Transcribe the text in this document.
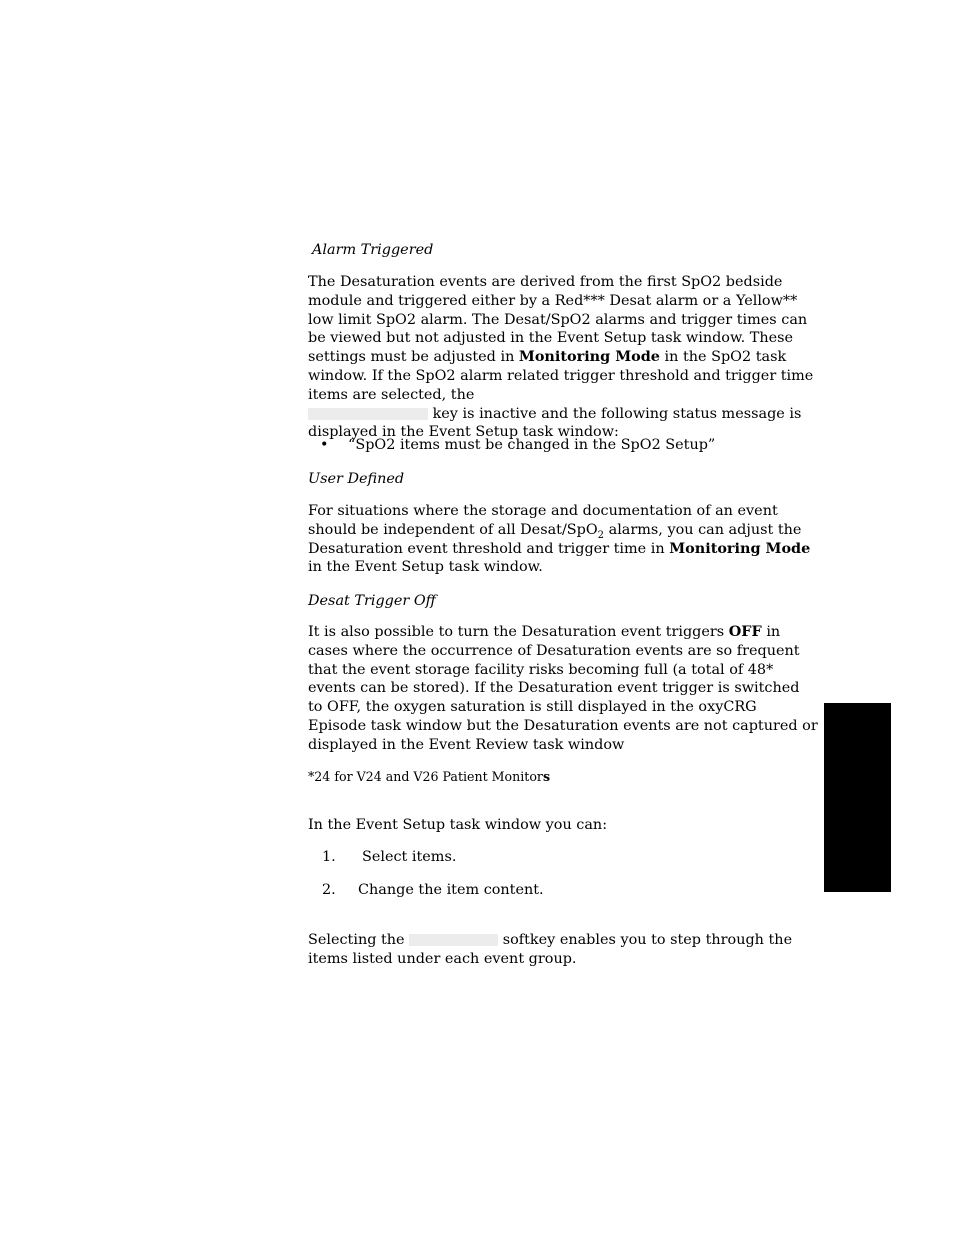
Alarm Triggered

The Desaturation events are derived from the first SpO2 bedside module and triggered either by a Red*** Desat alarm or a Yellow** low limit SpO2 alarm. The Desat/SpO2 alarms and trigger times can be viewed but not adjusted in the Event Setup task window. These settings must be adjusted in Monitoring Mode in the SpO2 task window. If the SpO2 alarm related trigger threshold and trigger time items are selected, the
key is inactive and the following status message is displayed in the Event Setup task window:

•	“SpO2 items must be changed in the SpO2 Setup”

User Defined

For situations where the storage and documentation of an event should be independent of all Desat/SpO$_2$ alarms, you can adjust the Desaturation event threshold and trigger time in Monitoring Mode in the Event Setup task window.

Desat Trigger Off

It is also possible to turn the Desaturation event triggers OFF in cases where the occurrence of Desaturation events are so frequent that the event storage facility risks becoming full (a total of 48* events can be stored). If the Desaturation event trigger is switched to OFF, the oxygen saturation is still displayed in the oxyCRG Episode task window but the Desaturation events are not captured or displayed in the Event Review task window

*24 for V24 and V26 Patient Monitors

In the Event Setup task window you can:

1.	Select items.
2.	Change the item content.

Selecting the	softkey enables you to step through the items listed under each event group.
